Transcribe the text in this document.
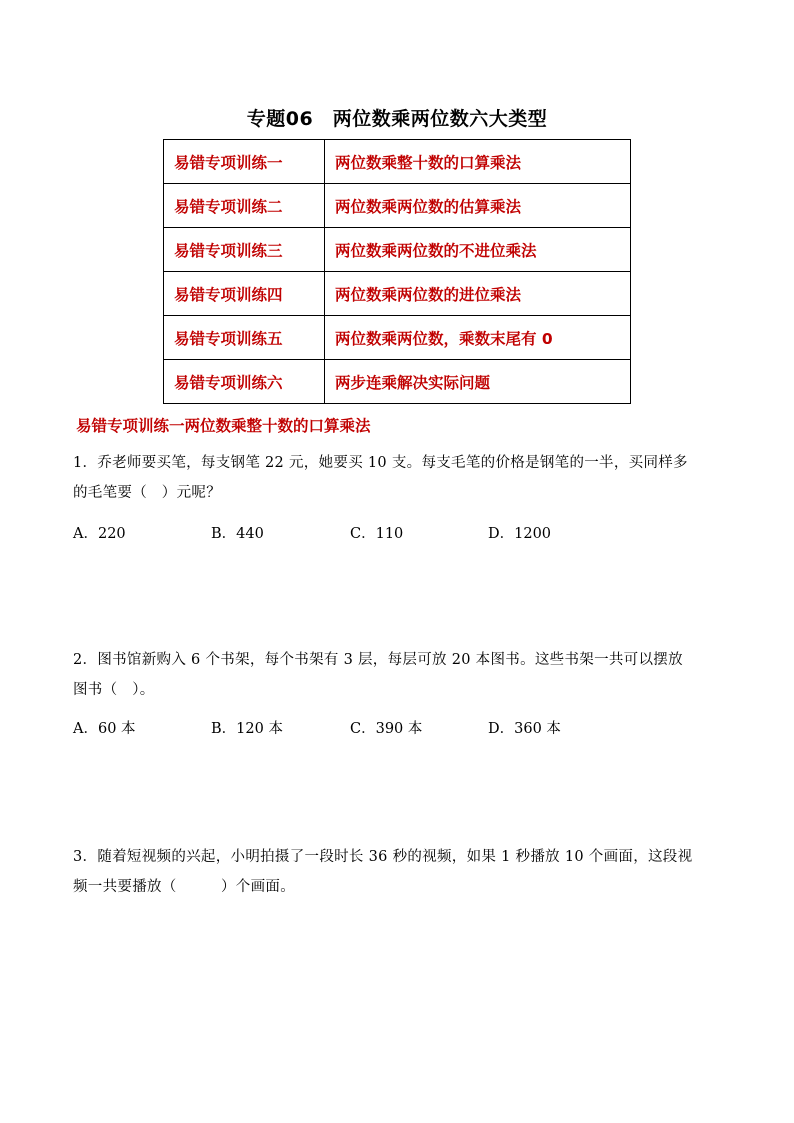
专题06　两位数乘两位数六大类型
易错专项训练一	两位数乘整十数的口算乘法
易错专项训练二	两位数乘两位数的估算乘法
易错专项训练三	两位数乘两位数的不进位乘法
易错专项训练四	两位数乘两位数的进位乘法
易错专项训练五	两位数乘两位数，乘数末尾有 0
易错专项训练六	两步连乘解决实际问题
易错专项训练一两位数乘整十数的口算乘法
1．乔老师要买笔，每支钢笔 22 元，她要买 10 支。每支毛笔的价格是钢笔的一半，买同样多
的毛笔要（　）元呢？
A．220	B．440	C．110	D．1200
2．图书馆新购入 6 个书架，每个书架有 3 层，每层可放 20 本图书。这些书架一共可以摆放
图书（　）。
A．60 本	B．120 本	C．390 本	D．360 本
3．随着短视频的兴起，小明拍摄了一段时长 36 秒的视频，如果 1 秒播放 10 个画面，这段视
频一共要播放（　　　）个画面。
